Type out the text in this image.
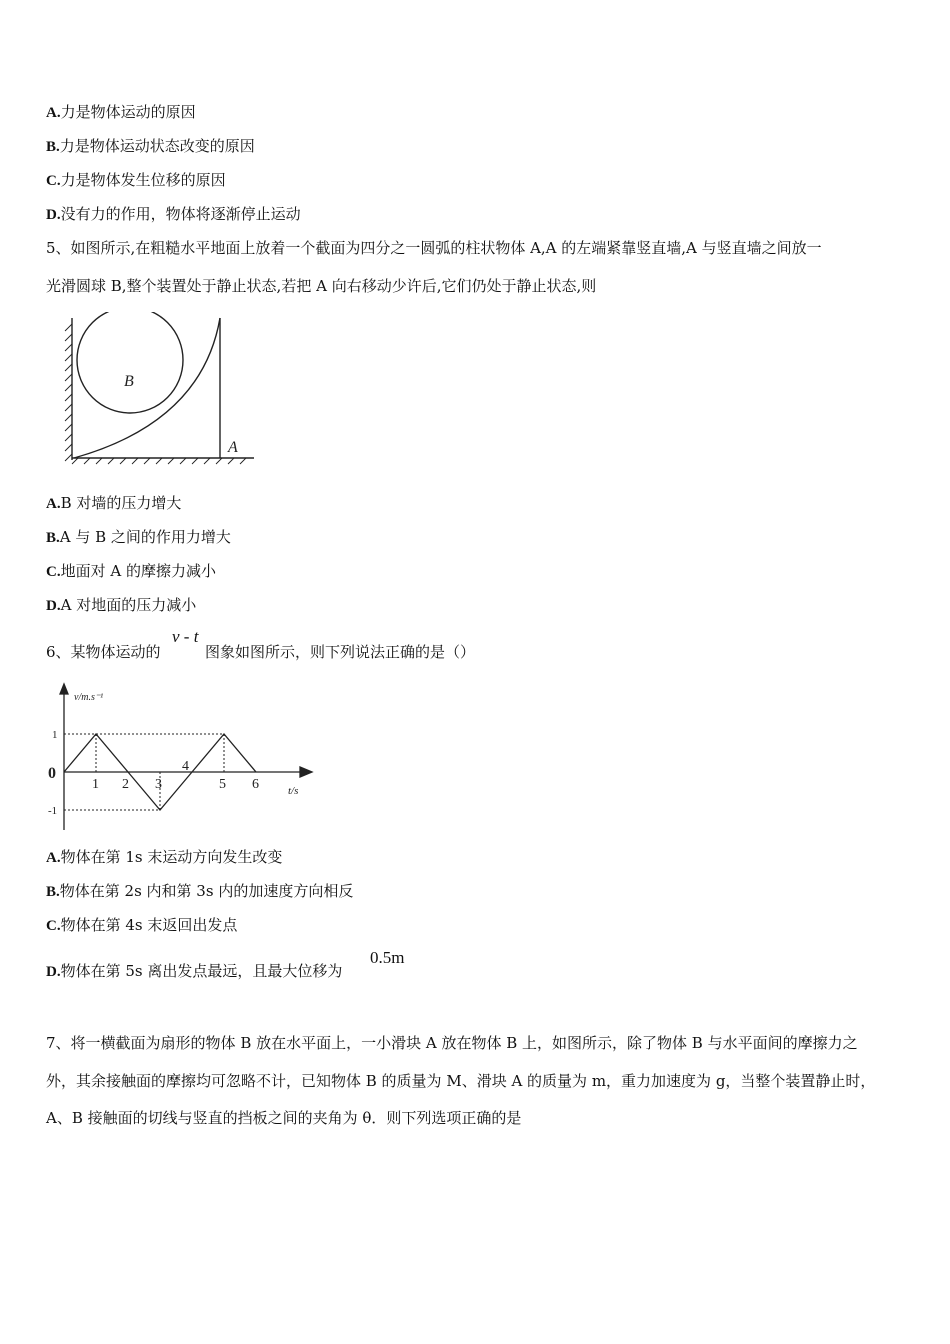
A.力是物体运动的原因
B.力是物体运动状态改变的原因
C.力是物体发生位移的原因
D.没有力的作用，物体将逐渐停止运动
5、如图所示,在粗糙水平地面上放着一个截面为四分之一圆弧的柱状物体 A,A 的左端紧靠竖直墙,A 与竖直墙之间放一
光滑圆球 B,整个装置处于静止状态,若把 A 向右移动少许后,它们仍处于静止状态,则
B
A
A.B 对墙的压力增大
B.A 与 B 之间的作用力增大
C.地面对 A 的摩擦力减小
D.A 对地面的压力减小
6、某物体运动的
v - t
图象如图所示，则下列说法正确的是（）
v/m.s⁻¹
t/s
0
1
-1
1 2 3
4
5 6
A.物体在第 1s 末运动方向发生改变
B.物体在第 2s 内和第 3s 内的加速度方向相反
C.物体在第 4s 末返回出发点
D.物体在第 5s 离出发点最远，且最大位移为
0.5m
7、将一横截面为扇形的物体 B 放在水平面上，一小滑块 A 放在物体 B 上，如图所示，除了物体 B 与水平面间的摩擦力之
外，其余接触面的摩擦均可忽略不计，已知物体 B 的质量为 M、滑块 A 的质量为 m，重力加速度为 g，当整个装置静止时，
A、B 接触面的切线与竖直的挡板之间的夹角为 θ．则下列选项正确的是
